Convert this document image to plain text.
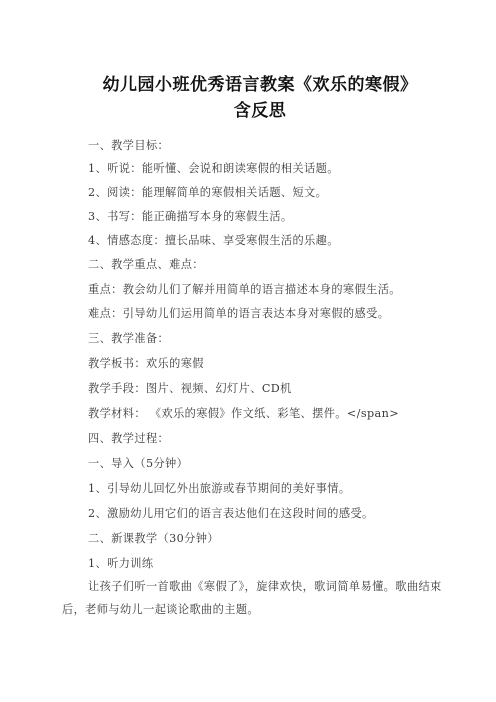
幼儿园小班优秀语言教案《欢乐的寒假》
含反思
一、教学目标：
1、听说：能听懂、会说和朗读寒假的相关话题。
2、阅读：能理解简单的寒假相关话题、短文。
3、书写：能正确描写本身的寒假生活。
4、情感态度：擅长品味、享受寒假生活的乐趣。
二、教学重点、难点：
重点：教会幼儿们了解并用简单的语言描述本身的寒假生活。
难点：引导幼儿们运用简单的语言表达本身对寒假的感受。
三、教学准备：
教学板书：欢乐的寒假
教学手段：图片、视频、幻灯片、CD机
教学材料： 《欢乐的寒假》作文纸、彩笔、摆件。</span>
四、教学过程：
一、导入（5分钟）
1、引导幼儿回忆外出旅游或春节期间的美好事情。
2、激励幼儿用它们的语言表达他们在这段时间的感受。
二、新课教学（30分钟）
1、听力训练
让孩子们听一首歌曲《寒假了》，旋律欢快，歌词简单易懂。歌曲结束后，老师与幼儿一起谈论歌曲的主题。
